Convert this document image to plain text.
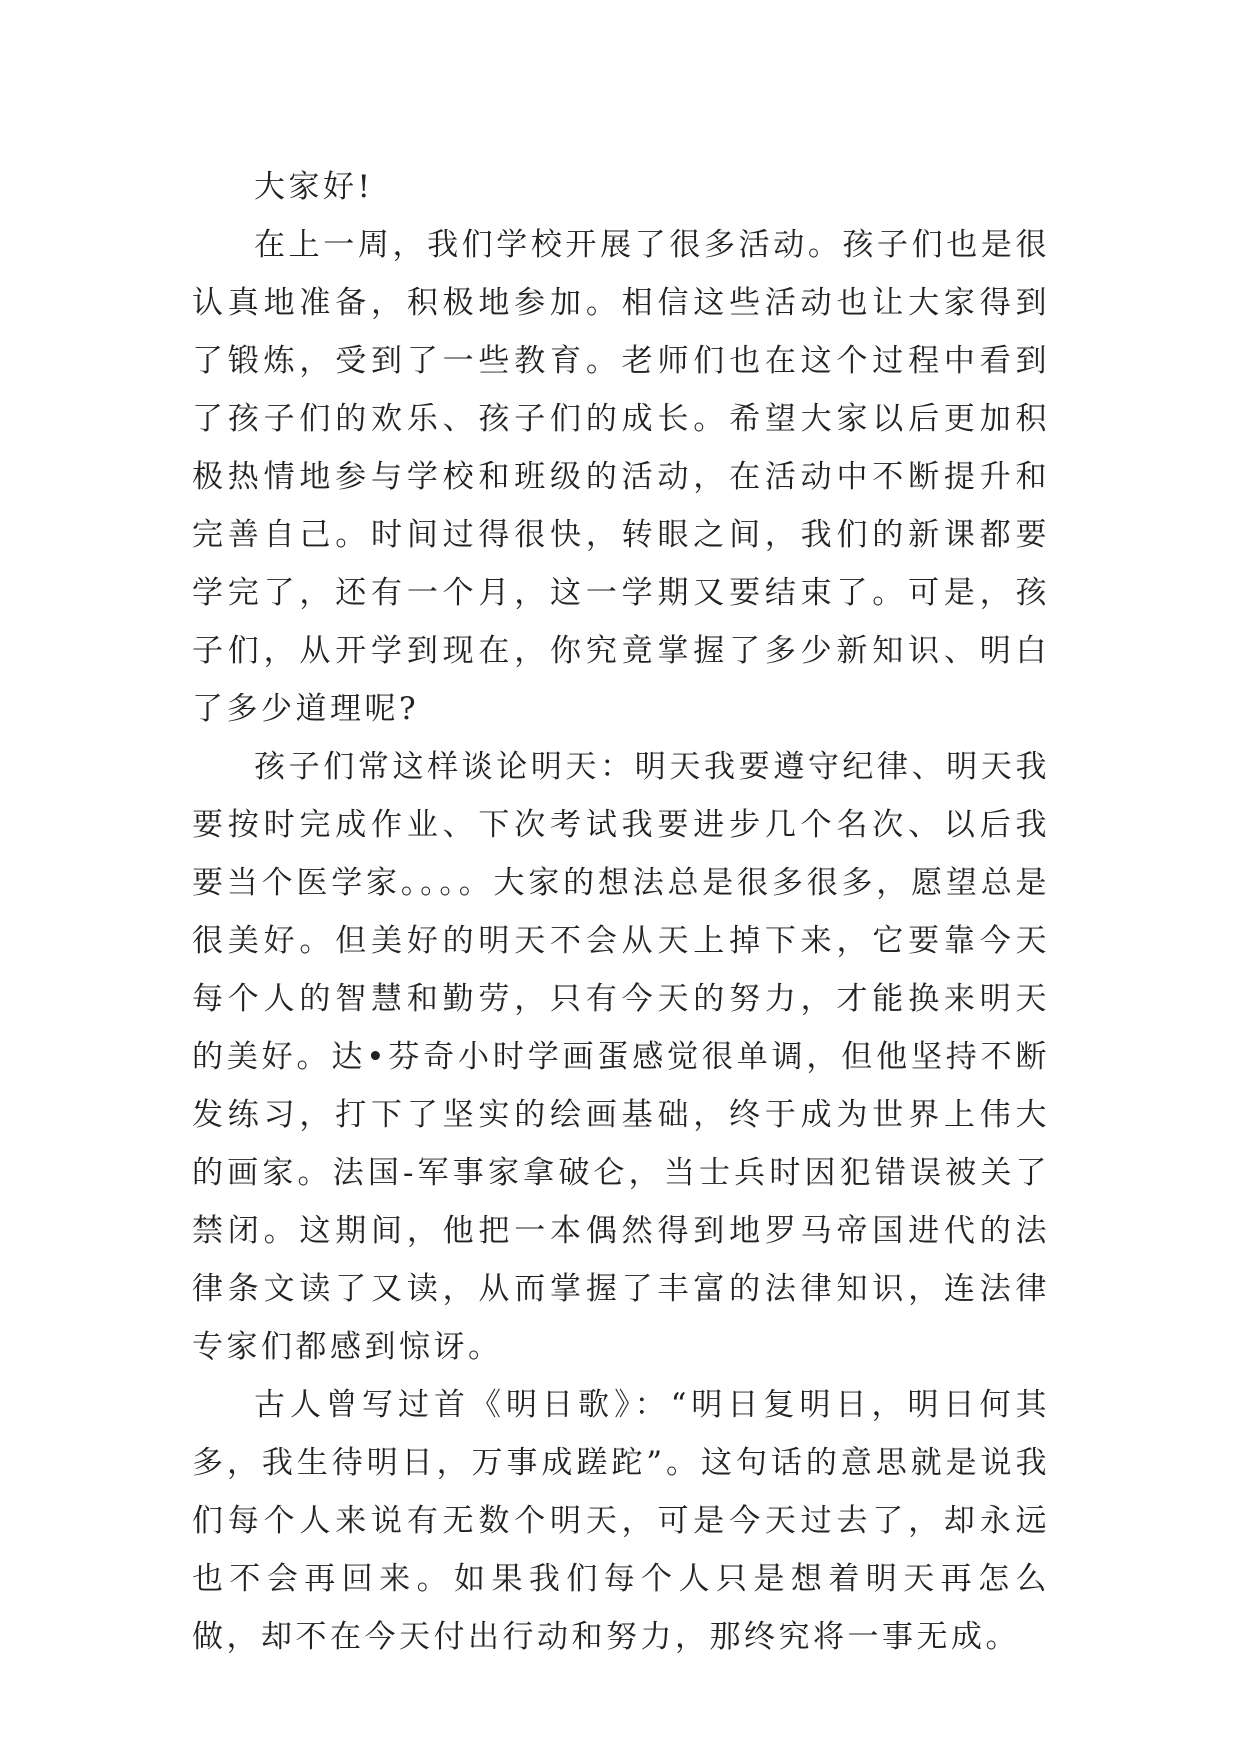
大家好!

在上一周，我们学校开展了很多活动。孩子们也是很认真地准备，积极地参加。相信这些活动也让大家得到了锻炼，受到了一些教育。老师们也在这个过程中看到了孩子们的欢乐、孩子们的成长。希望大家以后更加积极热情地参与学校和班级的活动，在活动中不断提升和完善自己。时间过得很快，转眼之间，我们的新课都要学完了，还有一个月，这一学期又要结束了。可是，孩子们，从开学到现在，你究竟掌握了多少新知识、明白了多少道理呢?

孩子们常这样谈论明天：明天我要遵守纪律、明天我要按时完成作业、下次考试我要进步几个名次、以后我要当个医学家。。。。大家的想法总是很多很多，愿望总是很美好。但美好的明天不会从天上掉下来，它要靠今天每个人的智慧和勤劳，只有今天的努力，才能换来明天的美好。达•芬奇小时学画蛋感觉很单调，但他坚持不断发练习，打下了坚实的绘画基础，终于成为世界上伟大的画家。法国-军事家拿破仑，当士兵时因犯错误被关了禁闭。这期间，他把一本偶然得到地罗马帝国进代的法律条文读了又读，从而掌握了丰富的法律知识，连法律专家们都感到惊讶。

古人曾写过首《明日歌》：“明日复明日，明日何其多，我生待明日，万事成蹉跎”。这句话的意思就是说我们每个人来说有无数个明天，可是今天过去了，却永远也不会再回来。如果我们每个人只是想着明天再怎么做，却不在今天付出行动和努力，那终究将一事无成。
